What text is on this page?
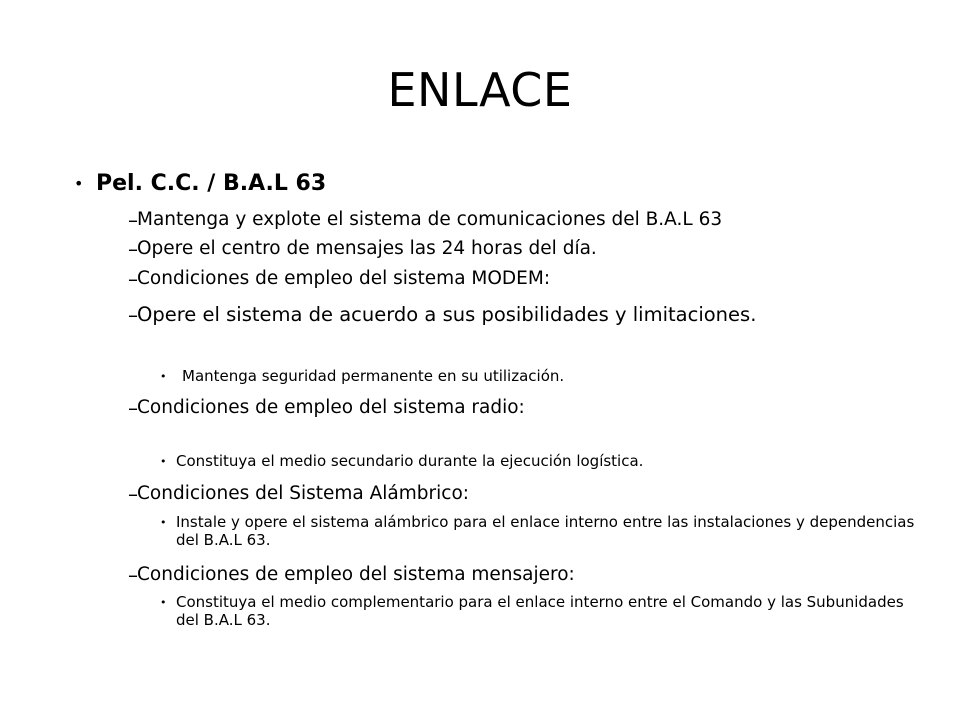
ENLACE
• Pel. C.C. / B.A.L 63
– Mantenga y explote el sistema de comunicaciones del B.A.L 63
– Opere el centro de mensajes las 24 horas del día.
– Condiciones de empleo del sistema MODEM:
– Opere el sistema de acuerdo a sus posibilidades y limitaciones.
• Mantenga seguridad permanente en su utilización.
– Condiciones de empleo del sistema radio:
• Constituya el medio secundario durante la ejecución logística.
– Condiciones del Sistema Alámbrico:
• Instale y opere el sistema alámbrico para el enlace interno entre las instalaciones y dependencias del B.A.L 63.
– Condiciones de empleo del sistema mensajero:
• Constituya el medio complementario para el enlace interno entre el Comando y las Subunidades del B.A.L 63.
